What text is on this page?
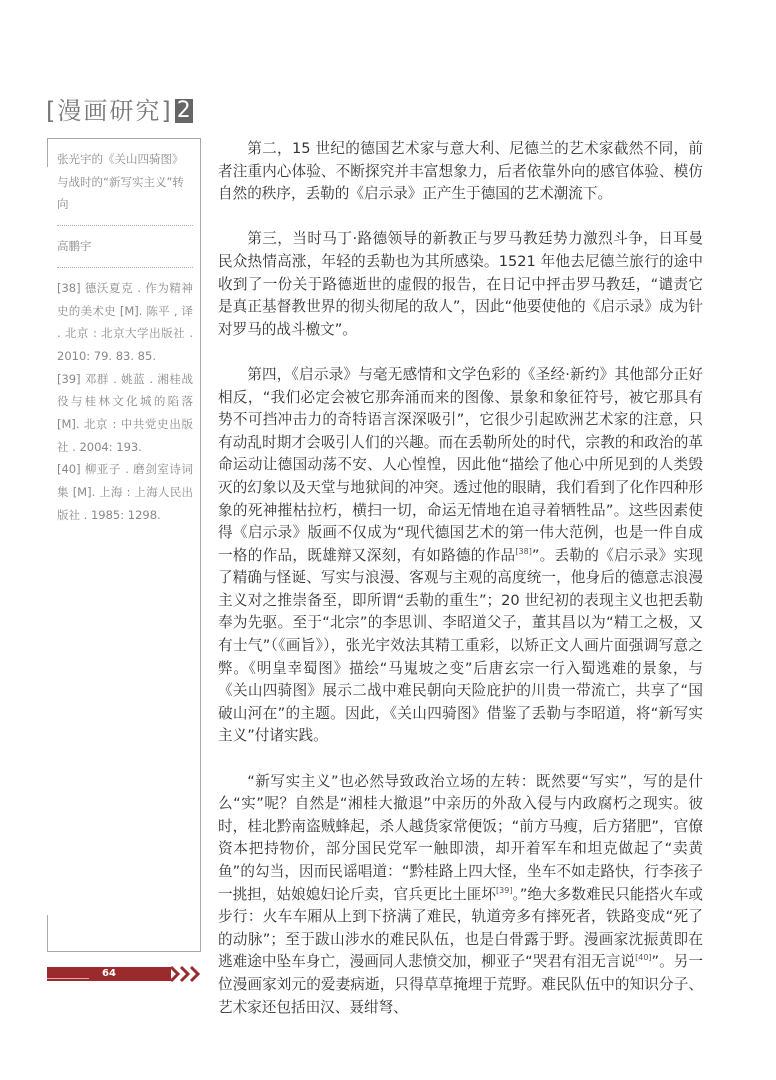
[漫画研究] 2
张光宇的《关山四骑图》与战时的“新写实主义”转向
高鹏宇
[38] 德沃夏克 . 作为精神史的美术史 [M]. 陈平 , 译 . 北京 : 北京大学出版社 . 2010: 79. 83. 85.
[39] 邓群 . 姚蓝 . 湘桂战役与桂林文化城的陷落 [M]. 北京 : 中共党史出版社 . 2004: 193.
[40] 柳亚子 . 磨剑室诗词集 [M]. 上海 : 上海人民出版社 . 1985: 1298.

第二，15 世纪的德国艺术家与意大利、尼德兰的艺术家截然不同，前者注重内心体验、不断探究并丰富想象力，后者依靠外向的感官体验、模仿自然的秩序，丢勒的《启示录》正产生于德国的艺术潮流下。

第三，当时马丁·路德领导的新教正与罗马教廷势力激烈斗争，日耳曼民众热情高涨，年轻的丢勒也为其所感染。1521 年他去尼德兰旅行的途中收到了一份关于路德逝世的虚假的报告，在日记中抨击罗马教廷，“谴责它是真正基督教世界的彻头彻尾的敌人”，因此“他要使他的《启示录》成为针对罗马的战斗檄文”。

第四，《启示录》与毫无感情和文学色彩的《圣经·新约》其他部分正好相反，“我们必定会被它那奔涌而来的图像、景象和象征符号，被它那具有势不可挡冲击力的奇特语言深深吸引”，它很少引起欧洲艺术家的注意，只有动乱时期才会吸引人们的兴趣。而在丢勒所处的时代，宗教的和政治的革命运动让德国动荡不安、人心惶惶，因此他“描绘了他心中所见到的人类毁灭的幻象以及天堂与地狱间的冲突。透过他的眼睛，我们看到了化作四种形象的死神摧枯拉朽，横扫一切，命运无情地在追寻着牺牲品”。这些因素使得《启示录》版画不仅成为“现代德国艺术的第一伟大范例，也是一件自成一格的作品，既雄辩又深刻，有如路德的作品[38]”。丢勒的《启示录》实现了精确与怪诞、写实与浪漫、客观与主观的高度统一，他身后的德意志浪漫主义对之推崇备至，即所谓“丢勒的重生”；20 世纪初的表现主义也把丢勒奉为先驱。至于“北宗”的李思训、李昭道父子，董其昌以为“精工之极，又有士气”（《画旨》），张光宇效法其精工重彩，以矫正文人画片面强调写意之弊。《明皇幸蜀图》描绘“马嵬坡之变”后唐玄宗一行入蜀逃难的景象，与《关山四骑图》展示二战中难民朝向天险庇护的川贵一带流亡，共享了“国破山河在”的主题。因此，《关山四骑图》借鉴了丢勒与李昭道，将“新写实主义”付诸实践。

“新写实主义”也必然导致政治立场的左转：既然要“写实”，写的是什么“实”呢？自然是“湘桂大撤退”中亲历的外敌入侵与内政腐朽之现实。彼时，桂北黔南盗贼蜂起，杀人越货家常便饭；“前方马瘦，后方猪肥”，官僚资本把持物价，部分国民党军一触即溃，却开着军车和坦克做起了“卖黄鱼”的勾当，因而民谣唱道：“黔桂路上四大怪，坐车不如走路快，行李孩子一挑担，姑娘媳妇论斤卖，官兵更比土匪坏[39]。”绝大多数难民只能搭火车或步行：火车车厢从上到下挤满了难民，轨道旁多有摔死者，铁路变成“死了的动脉”；至于跋山涉水的难民队伍，也是白骨露于野。漫画家沈振黄即在逃难途中坠车身亡，漫画同人悲愤交加，柳亚子“哭君有泪无言说[40]”。另一位漫画家刘元的爱妻病逝，只得草草掩埋于荒野。难民队伍中的知识分子、艺术家还包括田汉、聂绀弩、

64
